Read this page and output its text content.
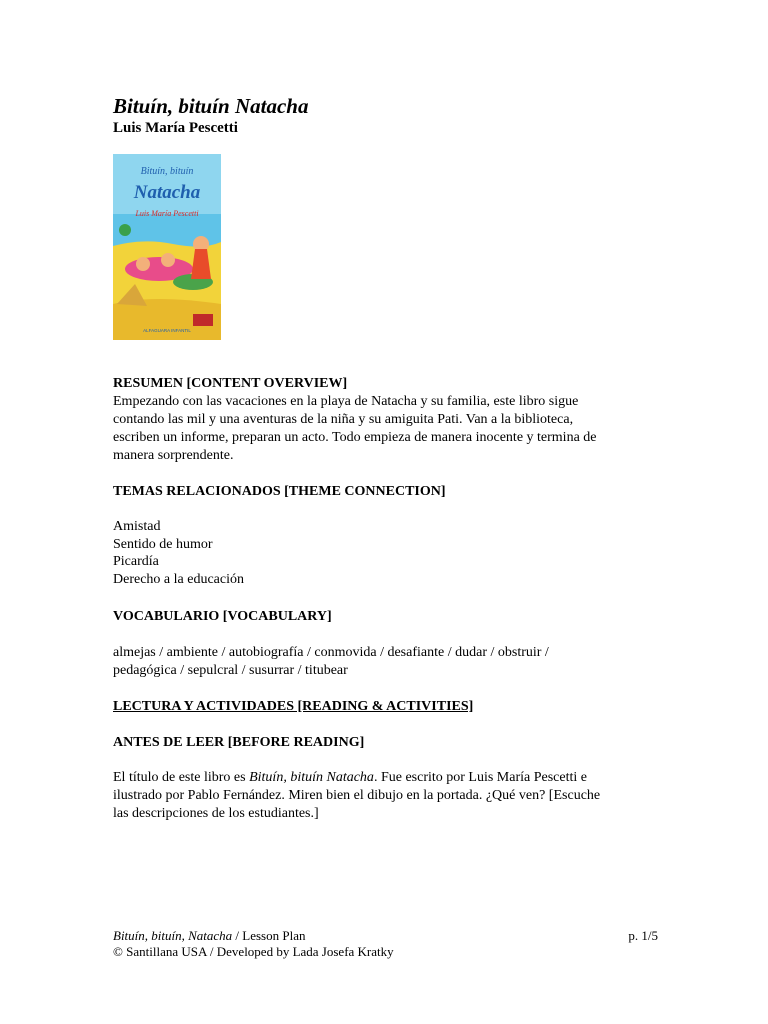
Bituín, bituín Natacha
Luis María Pescetti
Bituín, bituín
Natacha
Luis María Pescetti
ALFAGUARA INFANTIL
RESUMEN [CONTENT OVERVIEW]
Empezando con las vacaciones en la playa de Natacha y su familia, este libro sigue
contando las mil y una aventuras de la niña y su amiguita Pati. Van a la biblioteca,
escriben un informe, preparan un acto. Todo empieza de manera inocente y termina de
manera sorprendente.
TEMAS RELACIONADOS [THEME CONNECTION]
Amistad
Sentido de humor
Picardía
Derecho a la educación
VOCABULARIO [VOCABULARY]
almejas / ambiente / autobiografía / conmovida / desafiante / dudar / obstruir /
pedagógica / sepulcral / susurrar / titubear
LECTURA Y ACTIVIDADES [READING & ACTIVITIES]
ANTES DE LEER [BEFORE READING]
El título de este libro es Bituín, bituín Natacha. Fue escrito por Luis María Pescetti e
ilustrado por Pablo Fernández. Miren bien el dibujo en la portada. ¿Qué ven? [Escuche
las descripciones de los estudiantes.]
Bituín, bituín, Natacha / Lesson Plan	p. 1/5
© Santillana USA / Developed by Lada Josefa Kratky
